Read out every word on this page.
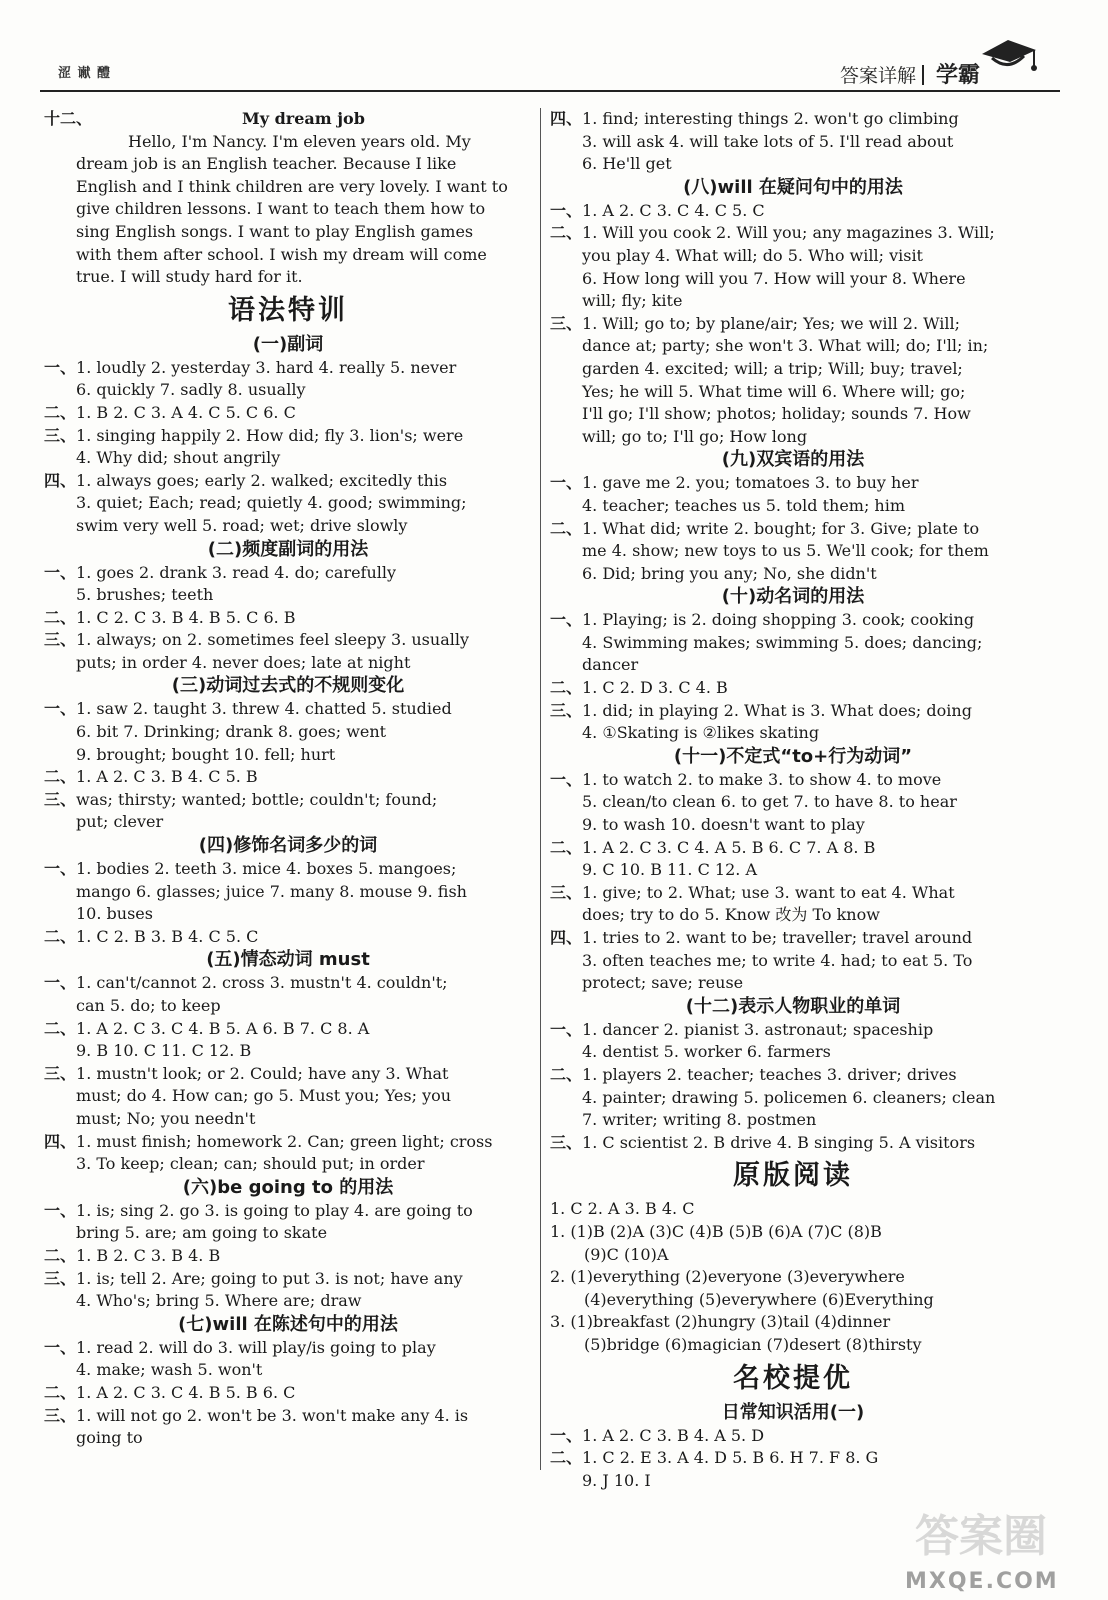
涩 谳 醴	答案详解 学霸
十二、	My dream job
Hello, I'm Nancy. I'm eleven years old. My
dream job is an English teacher. Because I like
English and I think children are very lovely. I want to
give children lessons. I want to teach them how to
sing English songs. I want to play English games
with them after school. I wish my dream will come
true. I will study hard for it.
语法特训
(一)副词
一、1. loudly 2. yesterday 3. hard 4. really 5. never
6. quickly 7. sadly 8. usually
二、1. B 2. C 3. A 4. C 5. C 6. C
三、1. singing happily 2. How did; fly 3. lion's; were
4. Why did; shout angrily
四、1. always goes; early 2. walked; excitedly this
3. quiet; Each; read; quietly 4. good; swimming;
swim very well 5. road; wet; drive slowly
(二)频度副词的用法
一、1. goes 2. drank 3. read 4. do; carefully
5. brushes; teeth
二、1. C 2. C 3. B 4. B 5. C 6. B
三、1. always; on 2. sometimes feel sleepy 3. usually
puts; in order 4. never does; late at night
(三)动词过去式的不规则变化
一、1. saw 2. taught 3. threw 4. chatted 5. studied
6. bit 7. Drinking; drank 8. goes; went
9. brought; bought 10. fell; hurt
二、1. A 2. C 3. B 4. C 5. B
三、was; thirsty; wanted; bottle; couldn't; found;
put; clever
(四)修饰名词多少的词
一、1. bodies 2. teeth 3. mice 4. boxes 5. mangoes;
mango 6. glasses; juice 7. many 8. mouse 9. fish
10. buses
二、1. C 2. B 3. B 4. C 5. C
(五)情态动词 must
一、1. can't/cannot 2. cross 3. mustn't 4. couldn't;
can 5. do; to keep
二、1. A 2. C 3. C 4. B 5. A 6. B 7. C 8. A
9. B 10. C 11. C 12. B
三、1. mustn't look; or 2. Could; have any 3. What
must; do 4. How can; go 5. Must you; Yes; you
must; No; you needn't
四、1. must finish; homework 2. Can; green light; cross
3. To keep; clean; can; should put; in order
(六)be going to 的用法
一、1. is; sing 2. go 3. is going to play 4. are going to
bring 5. are; am going to skate
二、1. B 2. C 3. B 4. B
三、1. is; tell 2. Are; going to put 3. is not; have any
4. Who's; bring 5. Where are; draw
(七)will 在陈述句中的用法
一、1. read 2. will do 3. will play/is going to play
4. make; wash 5. won't
二、1. A 2. C 3. C 4. B 5. B 6. C
三、1. will not go 2. won't be 3. won't make any 4. is
going to
四、1. find; interesting things 2. won't go climbing
3. will ask 4. will take lots of 5. I'll read about
6. He'll get
(八)will 在疑问句中的用法
一、1. A 2. C 3. C 4. C 5. C
二、1. Will you cook 2. Will you; any magazines 3. Will;
you play 4. What will; do 5. Who will; visit
6. How long will you 7. How will your 8. Where
will; fly; kite
三、1. Will; go to; by plane/air; Yes; we will 2. Will;
dance at; party; she won't 3. What will; do; I'll; in;
garden 4. excited; will; a trip; Will; buy; travel;
Yes; he will 5. What time will 6. Where will; go;
I'll go; I'll show; photos; holiday; sounds 7. How
will; go to; I'll go; How long
(九)双宾语的用法
一、1. gave me 2. you; tomatoes 3. to buy her
4. teacher; teaches us 5. told them; him
二、1. What did; write 2. bought; for 3. Give; plate to
me 4. show; new toys to us 5. We'll cook; for them
6. Did; bring you any; No, she didn't
(十)动名词的用法
一、1. Playing; is 2. doing shopping 3. cook; cooking
4. Swimming makes; swimming 5. does; dancing;
dancer
二、1. C 2. D 3. C 4. B
三、1. did; in playing 2. What is 3. What does; doing
4. ①Skating is ②likes skating
(十一)不定式“to+行为动词”
一、1. to watch 2. to make 3. to show 4. to move
5. clean/to clean 6. to get 7. to have 8. to hear
9. to wash 10. doesn't want to play
二、1. A 2. C 3. C 4. A 5. B 6. C 7. A 8. B
9. C 10. B 11. C 12. A
三、1. give; to 2. What; use 3. want to eat 4. What
does; try to do 5. Know 改为 To know
四、1. tries to 2. want to be; traveller; travel around
3. often teaches me; to write 4. had; to eat 5. To
protect; save; reuse
(十二)表示人物职业的单词
一、1. dancer 2. pianist 3. astronaut; spaceship
4. dentist 5. worker 6. farmers
二、1. players 2. teacher; teaches 3. driver; drives
4. painter; drawing 5. policemen 6. cleaners; clean
7. writer; writing 8. postmen
三、1. C scientist 2. B drive 4. B singing 5. A visitors
原版阅读
1. C 2. A 3. B 4. C
1. (1)B (2)A (3)C (4)B (5)B (6)A (7)C (8)B
(9)C (10)A
2. (1)everything (2)everyone (3)everywhere
(4)everything (5)everywhere (6)Everything
3. (1)breakfast (2)hungry (3)tail (4)dinner
(5)bridge (6)magician (7)desert (8)thirsty
名校提优
日常知识活用(一)
一、1. A 2. C 3. B 4. A 5. D
二、1. C 2. E 3. A 4. D 5. B 6. H 7. F 8. G
9. J 10. I
答案圈
MXQE.COM
